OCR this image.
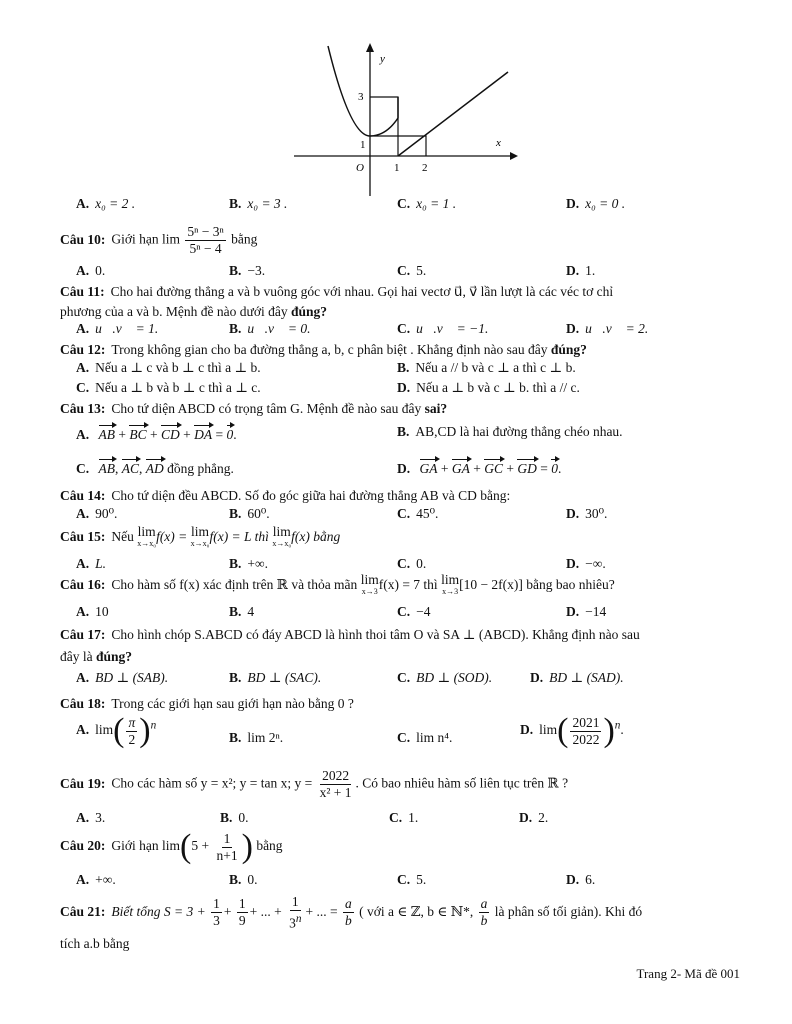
y
x
O
3
1
1 2
A. x₀ = 2 .	B. x₀ = 3 .	C. x₀ = 1 .	D. x₀ = 0 .
Câu 10: Giới hạn $\lim \frac{\text{5ⁿ − 3ⁿ}}{\text{5ⁿ − 4}}$ bằng
A. 0.	B. −3.	C. 5.	D. 1.
Câu 11: Cho hai đường thẳng a và b vuông góc với nhau. Gọi hai vectơ u⃗, v⃗ lần lượt là các véc tơ chỉ
phương của a và b. Mệnh đề nào dưới đây đúng?
A. u⃗.v⃗ = 1.	B. u⃗.v⃗ = 0.	C. u⃗.v⃗ = −1.	D. u⃗.v⃗ = 2.
Câu 12: Trong không gian cho ba đường thẳng a, b, c phân biệt . Khẳng định nào sau đây đúng?
A. Nếu a ⊥ c và b ⊥ c thì a ⊥ b.	B. Nếu a // b và c ⊥ a thì c ⊥ b.
C. Nếu a ⊥ b và b ⊥ c thì a ⊥ c.	D. Nếu a ⊥ b và c ⊥ b. thì a // c.
Câu 13: Cho tứ diện ABCD có trọng tâm G. Mệnh đề nào sau đây sai?
A. AB + BC + CD + DA = 0.	B. AB,CD là hai đường thẳng chéo nhau.
C. AB, AC, AD đồng phẳng.	D. GA + GA + GC + GD = 0.
Câu 14: Cho tứ diện đều ABCD. Số đo góc giữa hai đường thẳng AB và CD bằng:
A. 90⁰.	B. 60⁰.	C. 45⁰.	D. 30⁰.
Câu 15: Nếu lim
x→x₀ f(x) = lim
x→x₀ f(x) = L thì lim
x→x₀ f(x) bằng
A. L.	B. +∞.	C. 0.	D. −∞.
Câu 16: Cho hàm số f(x) xác định trên ℝ và thỏa mãn lim
x→3 f(x) = 7 thì lim
x→3 [10 − 2f(x)] bằng bao nhiêu?
A. 10	B. 4	C. −4	D. −14
Câu 17: Cho hình chóp S.ABCD có đáy ABCD là hình thoi tâm O và SA ⊥ (ABCD). Khẳng định nào sau
đây là đúng?
A. BD ⊥ (SAB).	B. BD ⊥ (SAC).	C. BD ⊥ (SOD).	D. BD ⊥ (SAD).
Câu 18: Trong các giới hạn sau giới hạn nào bằng 0 ?
A. $\lim( \frac{\pi}{2} )^n$
B. lim 2ⁿ.	C. lim n⁴.
D. $\lim( \frac{2021}{2022} )^n$.
Câu 19: Cho các hàm số y = x²; y = tan x; $y = \frac{2022}{\text{x² + 1}}$ . Có bao nhiêu hàm số liên tục trên ℝ ?
A. 3.	B. 0.	C. 1.	D. 2.
Câu 20: Giới hạn $\lim(5 + \frac{1}{n+1}$ ) bằng
A. +∞.	B. 0.	C. 5.	D. 6.
Câu 21: Biết tổng $S = 3 + \frac{1}{3} + \frac{1}{9}$ + ... + $\frac{1}{3^n}$ + ... = $\frac{a}{b}$ ( với a ∈ ℤ, b ∈ ℕ*, $\frac{a}{b}$ là phân số tối giản). Khi đó
tích a.b bằng
Trang 2- Mã đề 001
